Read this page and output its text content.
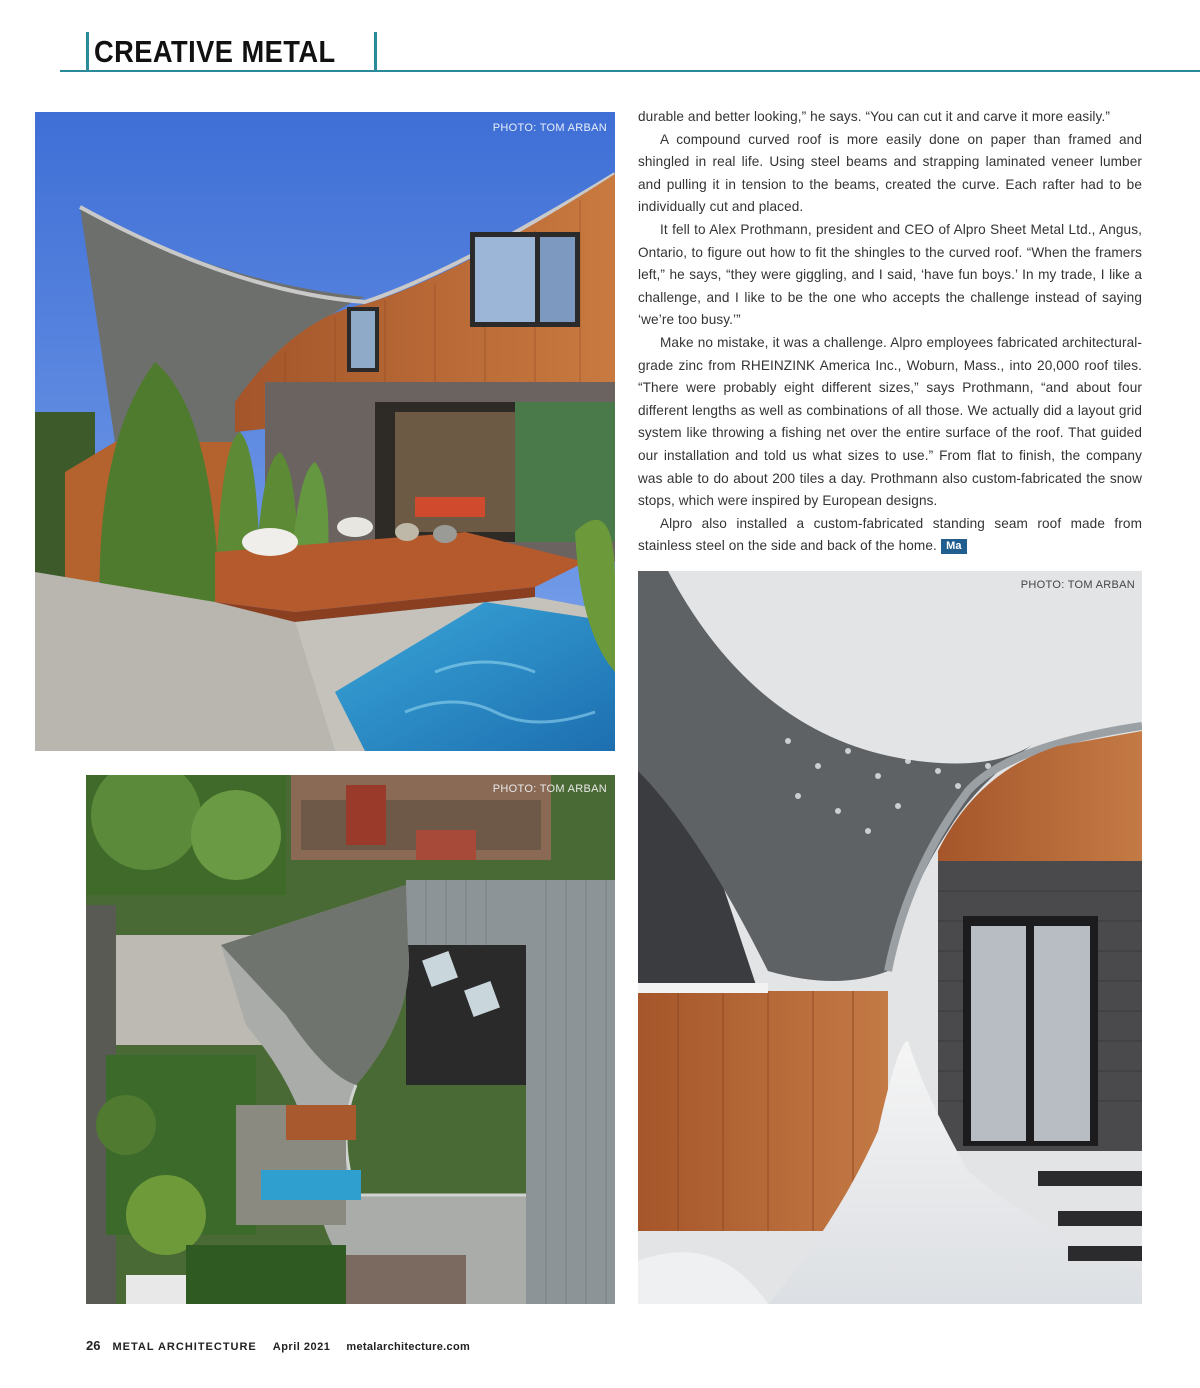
CREATIVE METAL
PHOTO: TOM ARBAN
PHOTO: TOM ARBAN
PHOTO: TOM ARBAN

durable and better looking,” he says. “You can cut it and carve it more easily.”

A compound curved roof is more easily done on paper than framed and shingled in real life. Using steel beams and strapping laminated veneer lumber and pulling it in tension to the beams, created the curve. Each rafter had to be individually cut and placed.

It fell to Alex Prothmann, president and CEO of Alpro Sheet Metal Ltd., Angus, Ontario, to figure out how to fit the shingles to the curved roof. “When the framers left,” he says, “they were giggling, and I said, ‘have fun boys.’ In my trade, I like a challenge, and I like to be the one who accepts the challenge instead of saying ‘we’re too busy.’”

Make no mistake, it was a challenge. Alpro employees fabricated architectural-grade zinc from RHEINZINK America Inc., Woburn, Mass., into 20,000 roof tiles. “There were probably eight different sizes,” says Prothmann, “and about four different lengths as well as combinations of all those. We actually did a layout grid system like throwing a fishing net over the entire surface of the roof. That guided our installation and told us what sizes to use.” From flat to finish, the company was able to do about 200 tiles a day. Prothmann also custom-fabricated the snow stops, which were inspired by European designs.

Alpro also installed a custom-fabricated standing seam roof made from stainless steel on the side and back of the home. Ma

26 METAL ARCHITECTURE April 2021 metalarchitecture.com
